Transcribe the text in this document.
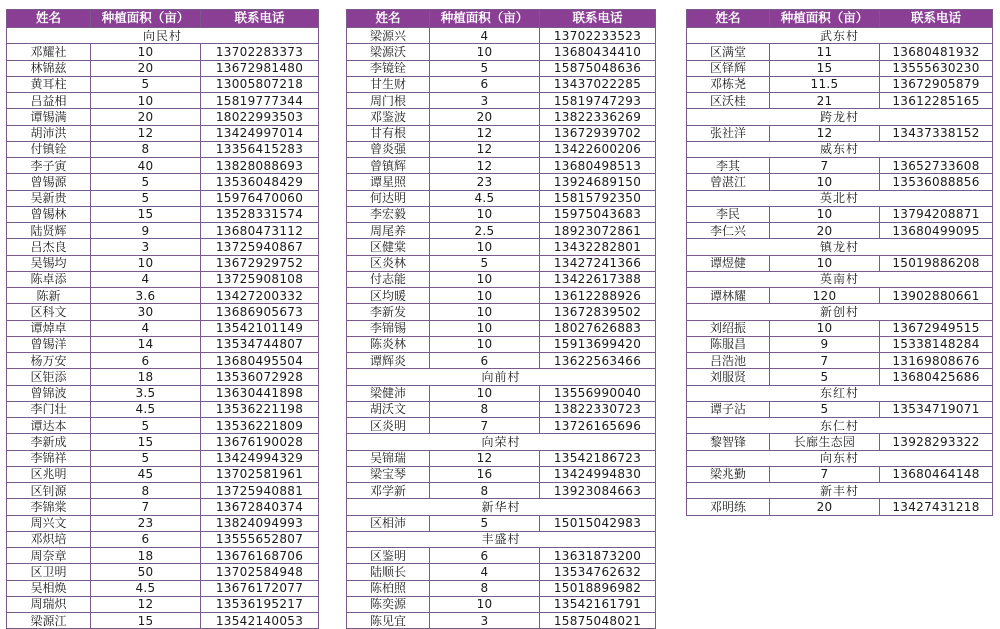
姓名	种植面积（亩）	联系电话
向民村		
邓耀社	10	13702283373
林锦兹	20	13672981480
黄耳柱	5	13005807218
吕益相	10	15819777344
谭锡满	20	18022993503
胡沛洪	12	13424997014
付镇铨	8	13356415283
李子寅	40	13828088693
曾锡源	5	13536048429
吴新贵	5	15976470060
曾锡林	15	13528331574
陆贤辉	9	13680473112
吕杰良	3	13725940867
吴锡均	10	13672929752
陈卓添	4	13725908108
陈新	3.6	13427200332
区科文	30	13686905673
谭焯卓	4	13542101149
曾锡洋	14	13534744807
杨万安	6	13680495504
区钜添	18	13536072928
曾锦波	3.5	13630441898
李门壮	4.5	13536221198
谭达本	5	13536221809
李新成	15	13676190028
李锦祥	5	13424994329
区兆明	45	13702581961
区钊源	8	13725940881
李锦棠	7	13672840374
周兴文	23	13824094993
邓炽培	6	13555652807
周奈章	18	13676168706
区卫明	50	13702584948
吴相焕	4.5	13676172077
周瑞炽	12	13536195217
梁源江	15	13542140053
姓名	种植面积（亩）	联系电话
梁源兴	4	13702233523
梁源沃	10	13680434410
李镜铨	5	15875048636
甘生财	6	13437022285
周门根	3	15819747293
邓鉴波	20	13822336269
甘有根	12	13672939702
曾炎强	12	13422600206
曾镇辉	12	13680498513
谭星照	23	13924689150
何达明	4.5	15815792350
李宏毅	10	15975043683
周尾养	2.5	18923072861
区健棠	10	13432282801
区炎林	5	13427241366
付志能	10	13422617388
区均暖	10	13612288926
李新发	10	13672839502
李锦锡	10	18027626883
陈炎林	10	15913699420
谭辉炎	6	13622563466
向前村		
梁健沛	10	13556990040
胡沃文	8	13822330723
区炎明	7	13726165696
向荣村		
吴锦瑞	12	13542186723
梁宝琴	16	13424994830
邓学新	8	13923084663
新华村		
区相沛	5	15015042983
丰盛村		
区鉴明	6	13631873200
陆顺长	4	13534762632
陈柏照	8	15018896982
陈奕源	10	13542161791
陈见宜	3	15875048021
姓名	种植面积（亩）	联系电话
武东村		
区满堂	11	13680481932
区铎辉	15	13555630230
邓栋尧	11.5	13672905879
区沃桂	21	13612285165
跨龙村		
张社洋	12	13437338152
威东村		
李其	7	13652733608
曾湛江	10	13536088856
英北村		
李民	10	13794208871
李仁兴	20	13680499095
镇龙村		
谭煜健	10	15019886208
英南村		
谭林耀	120	13902880661
新创村		
刘绍振	10	13672949515
陈服昌	9	15338148284
吕浩池	7	13169808676
刘服贤	5	13680425686
东红村		
谭子沾	5	13534719071
东仁村		
黎智锋	长廊生态园	13928293322
向东村		
梁兆勤	7	13680464148
新丰村		
邓明练	20	13427431218
